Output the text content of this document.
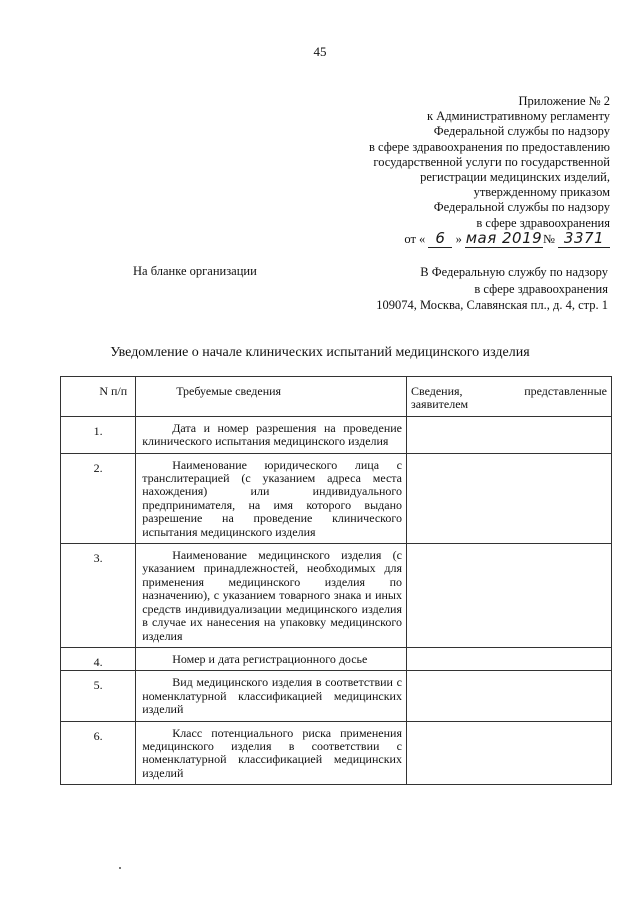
45
Приложение № 2
к Административному регламенту
Федеральной службы по надзору
в сфере здравоохранения по предоставлению
государственной услуги по государственной
регистрации медицинских изделий,
утвержденному приказом
Федеральной службы по надзору
в сфере здравоохранения
от « 6 » мая 2019№ 3371
На бланке организации	В Федеральную службу по надзору
в сфере здравоохранения
109074, Москва, Славянская пл., д. 4, стр. 1
Уведомление о начале клинических испытаний медицинского изделия
N п/п	Требуемые сведения	Сведения, представленные
заявителем

1.	Дата и номер разрешения на проведение клинического испытания медицинского изделия	
2.	Наименование юридического лица с транслитерацией (с указанием адреса места нахождения) или индивидуального предпринимателя, на имя которого выдано разрешение на проведение клинического испытания медицинского изделия	
3.	Наименование медицинского изделия (с указанием принадлежностей, необходимых для применения медицинского изделия по назначению), с указанием товарного знака и иных средств индивидуализации медицинского изделия в случае их нанесения на упаковку медицинского изделия	
4.	Номер и дата регистрационного досье	
5.	Вид медицинского изделия в соответствии с номенклатурной классификацией медицинских изделий	
6.	Класс потенциального риска применения медицинского изделия в соответствии с номенклатурной классификацией медицинских изделий	
